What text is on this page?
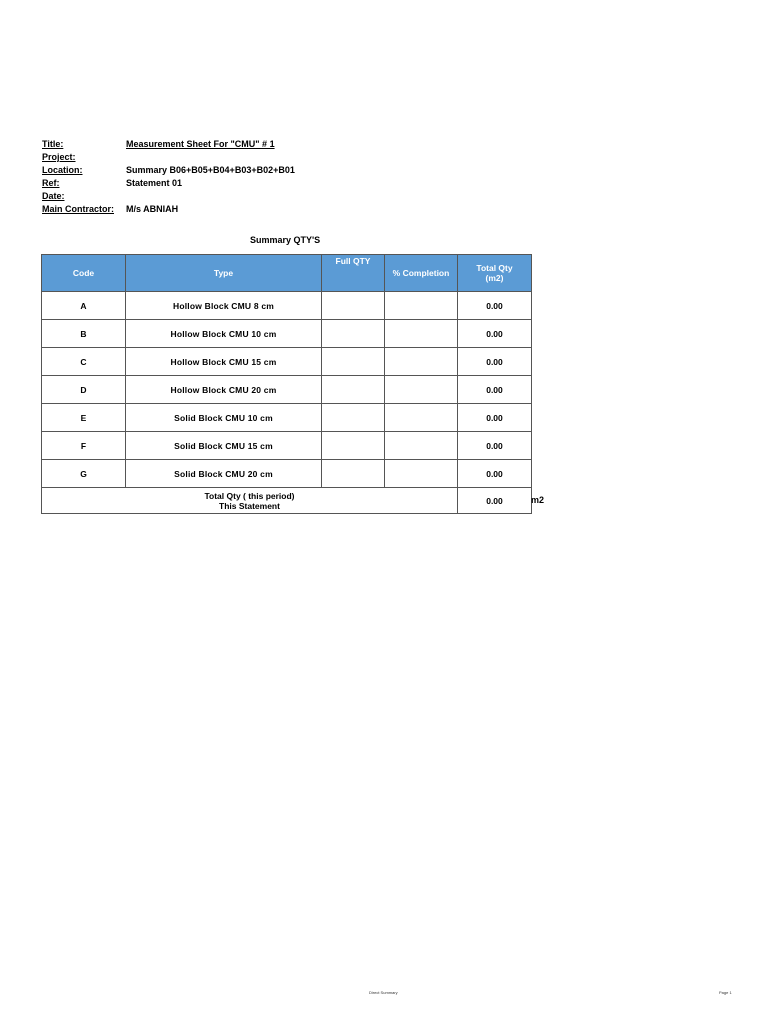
Title:	Measurement Sheet For "CMU" # 1
Project:
Location:	Summary B06+B05+B04+B03+B02+B01
Ref:	Statement 01
Date:
Main Contractor:	M/s ABNIAH
Summary QTY'S
Code	Type	Full QTY	% Completion	Total Qty
(m2)

A	Hollow Block CMU 8 cm			0.00
B	Hollow Block CMU 10 cm			0.00
C	Hollow Block CMU 15 cm			0.00
D	Hollow Block CMU 20 cm			0.00
E	Solid Block CMU 10 cm			0.00
F	Solid Block CMU 15 cm			0.00
G	Solid Block CMU 20 cm			0.00

Total Qty ( this period)
This Statement				0.00	m2
Direct Summary	Page 1
